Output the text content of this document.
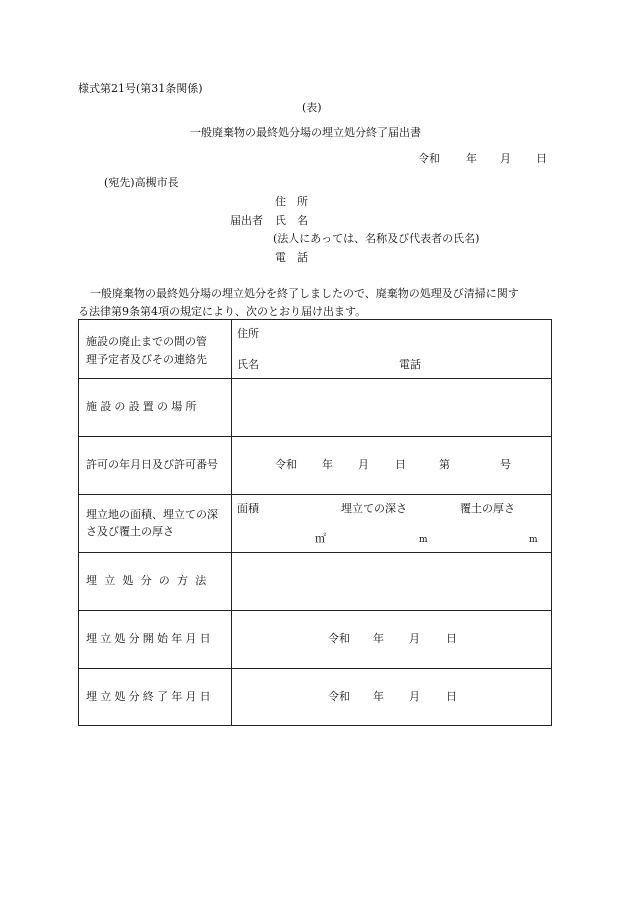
様式第21号(第31条関係)
(表)
一般廃棄物の最終処分場の埋立処分終了届出書
令和 年 月 日
(宛先)高槻市長
住　所
届出者 氏　名
(法人にあっては、名称及び代表者の氏名)
電　話
一般廃棄物の最終処分場の埋立処分を終了しましたので、廃棄物の処理及び清掃に関す
る法律第9条第4項の規定により、次のとおり届け出ます。
施設の廃止までの間の管
理予定者及びその連絡先
住所
氏名	電話
施設の設置の場所
許可の年月日及び許可番号	令和 年 月 日	第	号
埋立地の面積、埋立ての深
さ及び覆土の厚さ
面積	埋立ての深さ	覆土の厚さ
㎡	m	m
埋立処分の方法
埋立処分開始年月日	令和 年 月 日
埋立処分終了年月日	令和 年 月 日
